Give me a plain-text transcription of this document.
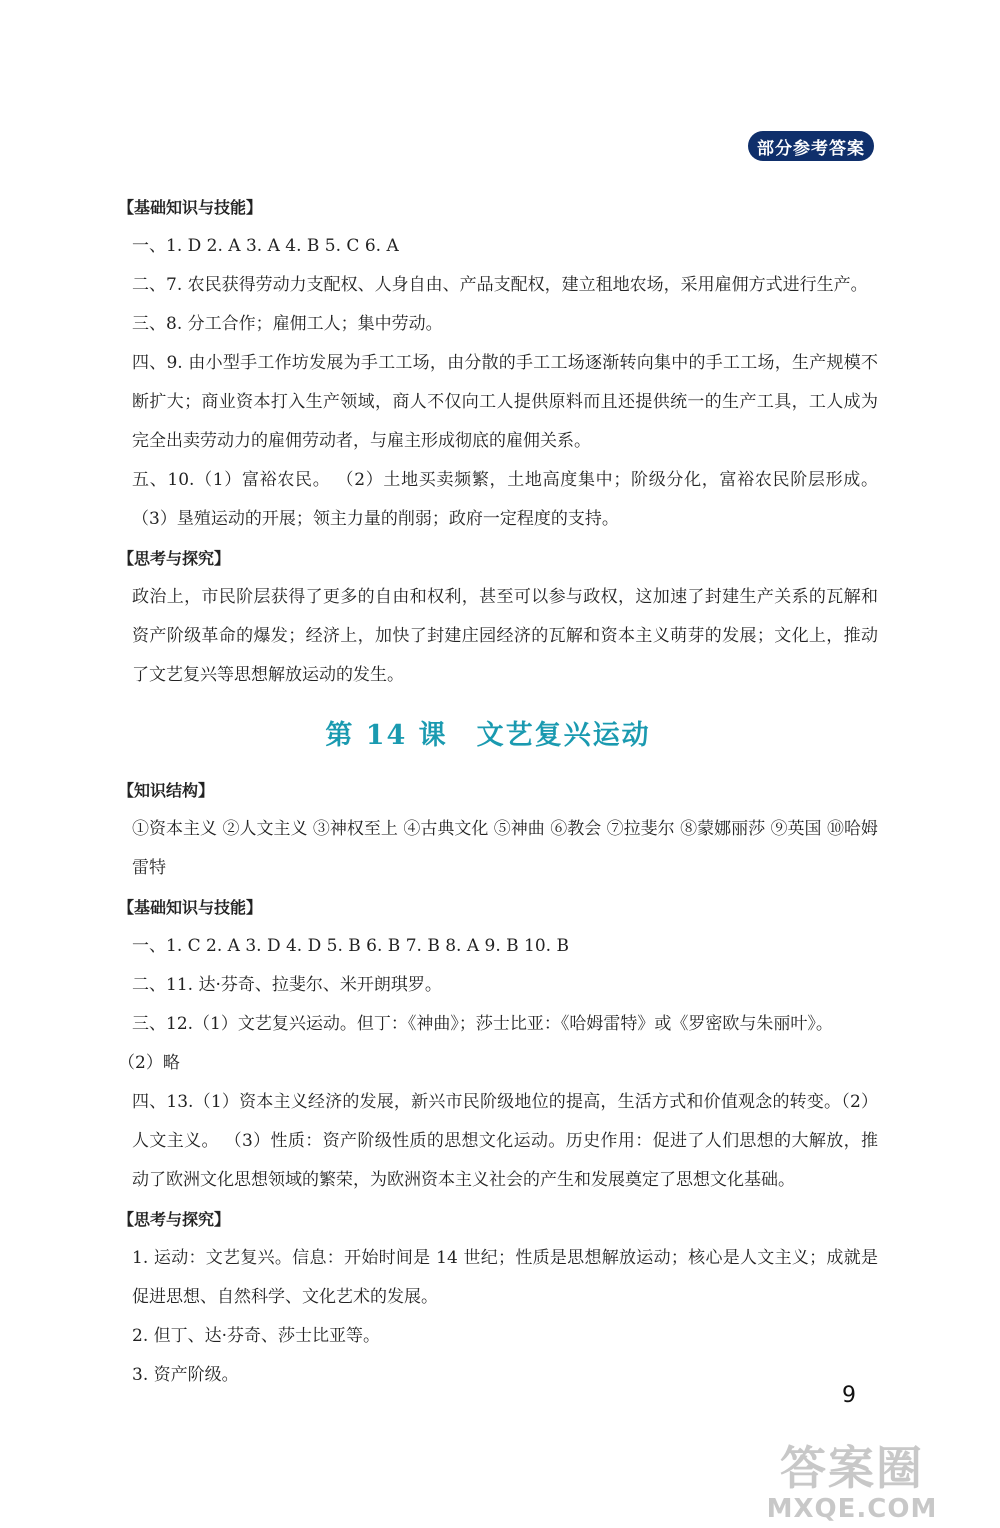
部分参考答案
【基础知识与技能】
一、1. D 2. A 3. A 4. B 5. C 6. A
二、7. 农民获得劳动力支配权、人身自由、产品支配权，建立租地农场，采用雇佣方式进行生产。
三、8. 分工合作；雇佣工人；集中劳动。
四、9. 由小型手工作坊发展为手工工场，由分散的手工工场逐渐转向集中的手工工场，生产规模不断扩大；商业资本打入生产领域，商人不仅向工人提供原料而且还提供统一的生产工具，工人成为完全出卖劳动力的雇佣劳动者，与雇主形成彻底的雇佣关系。
五、10.（1）富裕农民。 （2）土地买卖频繁，土地高度集中；阶级分化，富裕农民阶层形成。 （3）垦殖运动的开展；领主力量的削弱；政府一定程度的支持。
【思考与探究】
政治上，市民阶层获得了更多的自由和权利，甚至可以参与政权，这加速了封建生产关系的瓦解和资产阶级革命的爆发；经济上，加快了封建庄园经济的瓦解和资本主义萌芽的发展；文化上，推动了文艺复兴等思想解放运动的发生。
第 14 课　文艺复兴运动
【知识结构】
①资本主义 ②人文主义 ③神权至上 ④古典文化 ⑤神曲 ⑥教会 ⑦拉斐尔 ⑧蒙娜丽莎 ⑨英国 ⑩哈姆雷特
【基础知识与技能】
一、1. C 2. A 3. D 4. D 5. B 6. B 7. B 8. A 9. B 10. B
二、11. 达·芬奇、拉斐尔、米开朗琪罗。
三、12.（1）文艺复兴运动。但丁：《神曲》；莎士比亚：《哈姆雷特》或《罗密欧与朱丽叶》。
（2）略
四、13.（1）资本主义经济的发展，新兴市民阶级地位的提高，生活方式和价值观念的转变。（2）人文主义。 （3）性质：资产阶级性质的思想文化运动。历史作用：促进了人们思想的大解放，推动了欧洲文化思想领域的繁荣，为欧洲资本主义社会的产生和发展奠定了思想文化基础。
【思考与探究】
1. 运动：文艺复兴。信息：开始时间是 14 世纪；性质是思想解放运动；核心是人文主义；成就是促进思想、自然科学、文化艺术的发展。
2. 但丁、达·芬奇、莎士比亚等。
3. 资产阶级。
9
答案圈
MXQE.COM
